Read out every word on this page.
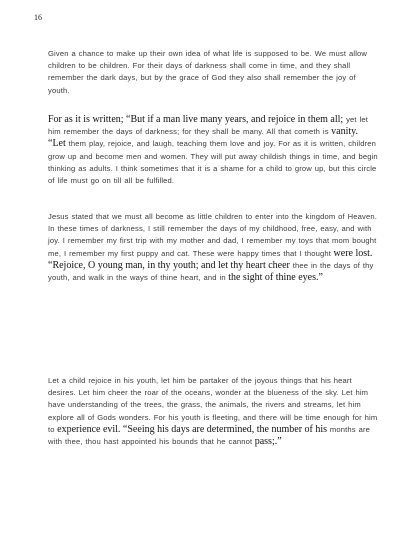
16

Given a chance to make up their own idea of what life is supposed to be. We must allow children to be children. For their days of darkness shall come in time, and they shall remember the dark days, but by the grace of God they also shall remember the joy of youth.

For as it is written; “But if a man live many years, and rejoice in them all; yet let him remember the days of darkness; for they shall be many. All that cometh is vanity. “Let them play, rejoice, and laugh, teaching them love and joy. For as it is written, children grow up and become men and women. They will put away childish things in time, and begin thinking as adults. I think sometimes that it is a shame for a child to grow up, but this circle of life must go on till all be fulfilled.

Jesus stated that we must all become as little children to enter into the kingdom of Heaven. In these times of darkness, I still remember the days of my childhood, free, easy, and with joy. I remember my first trip with my mother and dad, I remember my toys that mom bought me, I remember my first puppy and cat. These were happy times that I thought were lost. “Rejoice, O young man, in thy youth; and let thy heart cheer thee in the days of thy youth, and walk in the ways of thine heart, and in the sight of thine eyes.”

Let a child rejoice in his youth, let him be partaker of the joyous things that his heart desires. Let him cheer the roar of the oceans, wonder at the blueness of the sky. Let him have understanding of the trees, the grass, the animals, the rivers and streams, let him explore all of Gods wonders. For his youth is fleeting, and there will be time enough for him to experience evil. “Seeing his days are determined, the number of his months are with thee, thou hast appointed his bounds that he cannot pass;.”
